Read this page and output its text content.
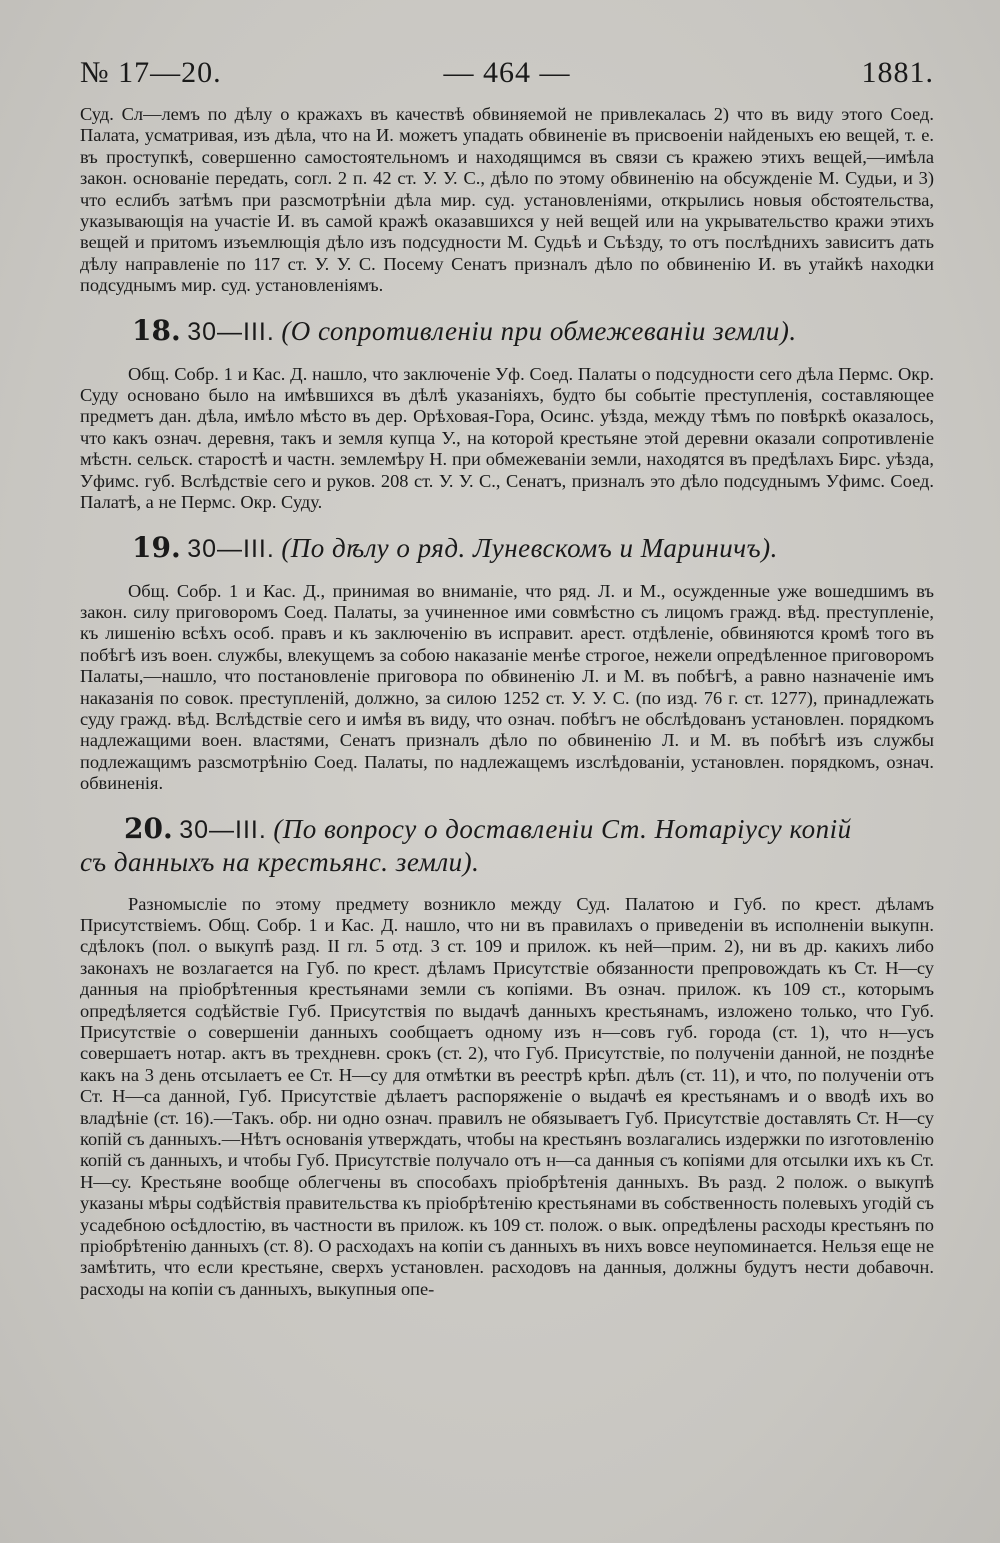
№ 17—20.	— 464 —	1881.

Суд. Сл—лемъ по дѣлу о кражахъ въ качествѣ обвиняемой не привлекалась 2) что въ виду этого Соед. Палата, усматривая, изъ дѣла, что на И. можетъ упадать обвиненіе въ присвоеніи найденыхъ ею вещей, т. е. въ проступкѣ, совершенно самостоятельномъ и находящимся въ связи съ кражею этихъ вещей,—имѣла закон. основаніе передать, согл. 2 п. 42 ст. У. У. С., дѣло по этому обвиненію на обсужденіе М. Судьи, и 3) что еслибъ затѣмъ при разсмотрѣніи дѣла мир. суд. установленіями, открылись новыя обстоятельства, указывающія на участіе И. въ самой кражѣ оказавшихся у ней вещей или на укрывательство кражи этихъ вещей и притомъ изъемлющія дѣло изъ подсудности М. Судьѣ и Съѣзду, то отъ послѣднихъ зависитъ дать дѣлу направленіе по 117 ст. У. У. С. Посему Сенатъ призналъ дѣло по обвиненію И. въ утайкѣ находки подсуднымъ мир. суд. установленіямъ.

18. 30—III. (О сопротивленіи при обмежеваніи земли).

Общ. Собр. 1 и Кас. Д. нашло, что заключеніе Уф. Соед. Палаты о подсудности сего дѣла Пермс. Окр. Суду основано было на имѣвшихся въ дѣлѣ указаніяхъ, будто бы событіе преступленія, составляющее предметъ дан. дѣла, имѣло мѣсто въ дер. Орѣховая-Гора, Осинс. уѣзда, между тѣмъ по повѣркѣ оказалось, что какъ означ. деревня, такъ и земля купца У., на которой крестьяне этой деревни оказали сопротивленіе мѣстн. сельск. старостѣ и частн. землемѣру Н. при обмежеваніи земли, находятся въ предѣлахъ Бирс. уѣзда, Уфимс. губ. Вслѣдствіе сего и руков. 208 ст. У. У. С., Сенатъ, призналъ это дѣло подсуднымъ Уфимс. Соед. Палатѣ, а не Пермс. Окр. Суду.

19. 30—III. (По дѣлу о ряд. Луневскомъ и Мариничъ).

Общ. Собр. 1 и Кас. Д., принимая во вниманіе, что ряд. Л. и М., осужденные уже вошедшимъ въ закон. силу приговоромъ Соед. Палаты, за учиненное ими совмѣстно съ лицомъ гражд. вѣд. преступленіе, къ лишенію всѣхъ особ. правъ и къ заключенію въ исправит. арест. отдѣленіе, обвиняются кромѣ того въ побѣгѣ изъ воен. службы, влекущемъ за собою наказаніе менѣе строгое, нежели опредѣленное приговоромъ Палаты,—нашло, что постановленіе приговора по обвиненію Л. и М. въ побѣгѣ, а равно назначеніе имъ наказанія по совок. преступленій, должно, за силою 1252 ст. У. У. С. (по изд. 76 г. ст. 1277), принадлежать суду гражд. вѣд. Вслѣдствіе сего и имѣя въ виду, что означ. побѣгъ не обслѣдованъ установлен. порядкомъ надлежащими воен. властями, Сенатъ призналъ дѣло по обвиненію Л. и М. въ побѣгѣ изъ службы подлежащимъ разсмотрѣнію Соед. Палаты, по надлежащемъ изслѣдованіи, установлен. порядкомъ, означ. обвиненія.

20. 30—III. (По вопросу о доставленіи Ст. Нотаріусу копій
съ данныхъ на крестьянс. земли).

Разномысліе по этому предмету возникло между Суд. Палатою и Губ. по крест. дѣламъ Присутствіемъ. Общ. Собр. 1 и Кас. Д. нашло, что ни въ правилахъ о приведеніи въ исполненіи выкупн. сдѣлокъ (пол. о выкупѣ разд. II гл. 5 отд. 3 ст. 109 и прилож. къ ней—прим. 2), ни въ др. какихъ либо законахъ не возлагается на Губ. по крест. дѣламъ Присутствіе обязанности препровождать къ Ст. Н—су данныя на пріобрѣтенныя крестьянами земли съ копіями. Въ означ. прилож. къ 109 ст., которымъ опредѣляется содѣйствіе Губ. Присутствія по выдачѣ данныхъ крестьянамъ, изложено только, что Губ. Присутствіе о совершеніи данныхъ сообщаетъ одному изъ н—совъ губ. города (ст. 1), что н—усъ совершаетъ нотар. актъ въ трехдневн. срокъ (ст. 2), что Губ. Присутствіе, по полученіи данной, не позднѣе какъ на 3 день отсылаетъ ее Ст. Н—су для отмѣтки въ реестрѣ крѣп. дѣлъ (ст. 11), и что, по полученіи отъ Ст. Н—са данной, Губ. Присутствіе дѣлаетъ распоряженіе о выдачѣ ея крестьянамъ и о вводѣ ихъ во владѣніе (ст. 16).—Такъ. обр. ни одно означ. правилъ не обязываетъ Губ. Присутствіе доставлять Ст. Н—су копій съ данныхъ.—Нѣтъ основанія утверждать, чтобы на крестьянъ возлагались издержки по изготовленію копій съ данныхъ, и чтобы Губ. Присутствіе получало отъ н—са данныя съ копіями для отсылки ихъ къ Ст. Н—су. Крестьяне вообще облегчены въ способахъ пріобрѣтенія данныхъ. Въ разд. 2 полож. о выкупѣ указаны мѣры содѣйствія правительства къ пріобрѣтенію крестьянами въ собственность полевыхъ угодій съ усадебною осѣдлостію, въ частности въ прилож. къ 109 ст. полож. о вык. опредѣлены расходы крестьянъ по пріобрѣтенію данныхъ (ст. 8). О расходахъ на копіи съ данныхъ въ нихъ вовсе неупоминается. Нельзя еще не замѣтить, что если крестьяне, сверхъ установлен. расходовъ на данныя, должны будутъ нести добавочн. расходы на копіи съ данныхъ, выкупныя опе-
